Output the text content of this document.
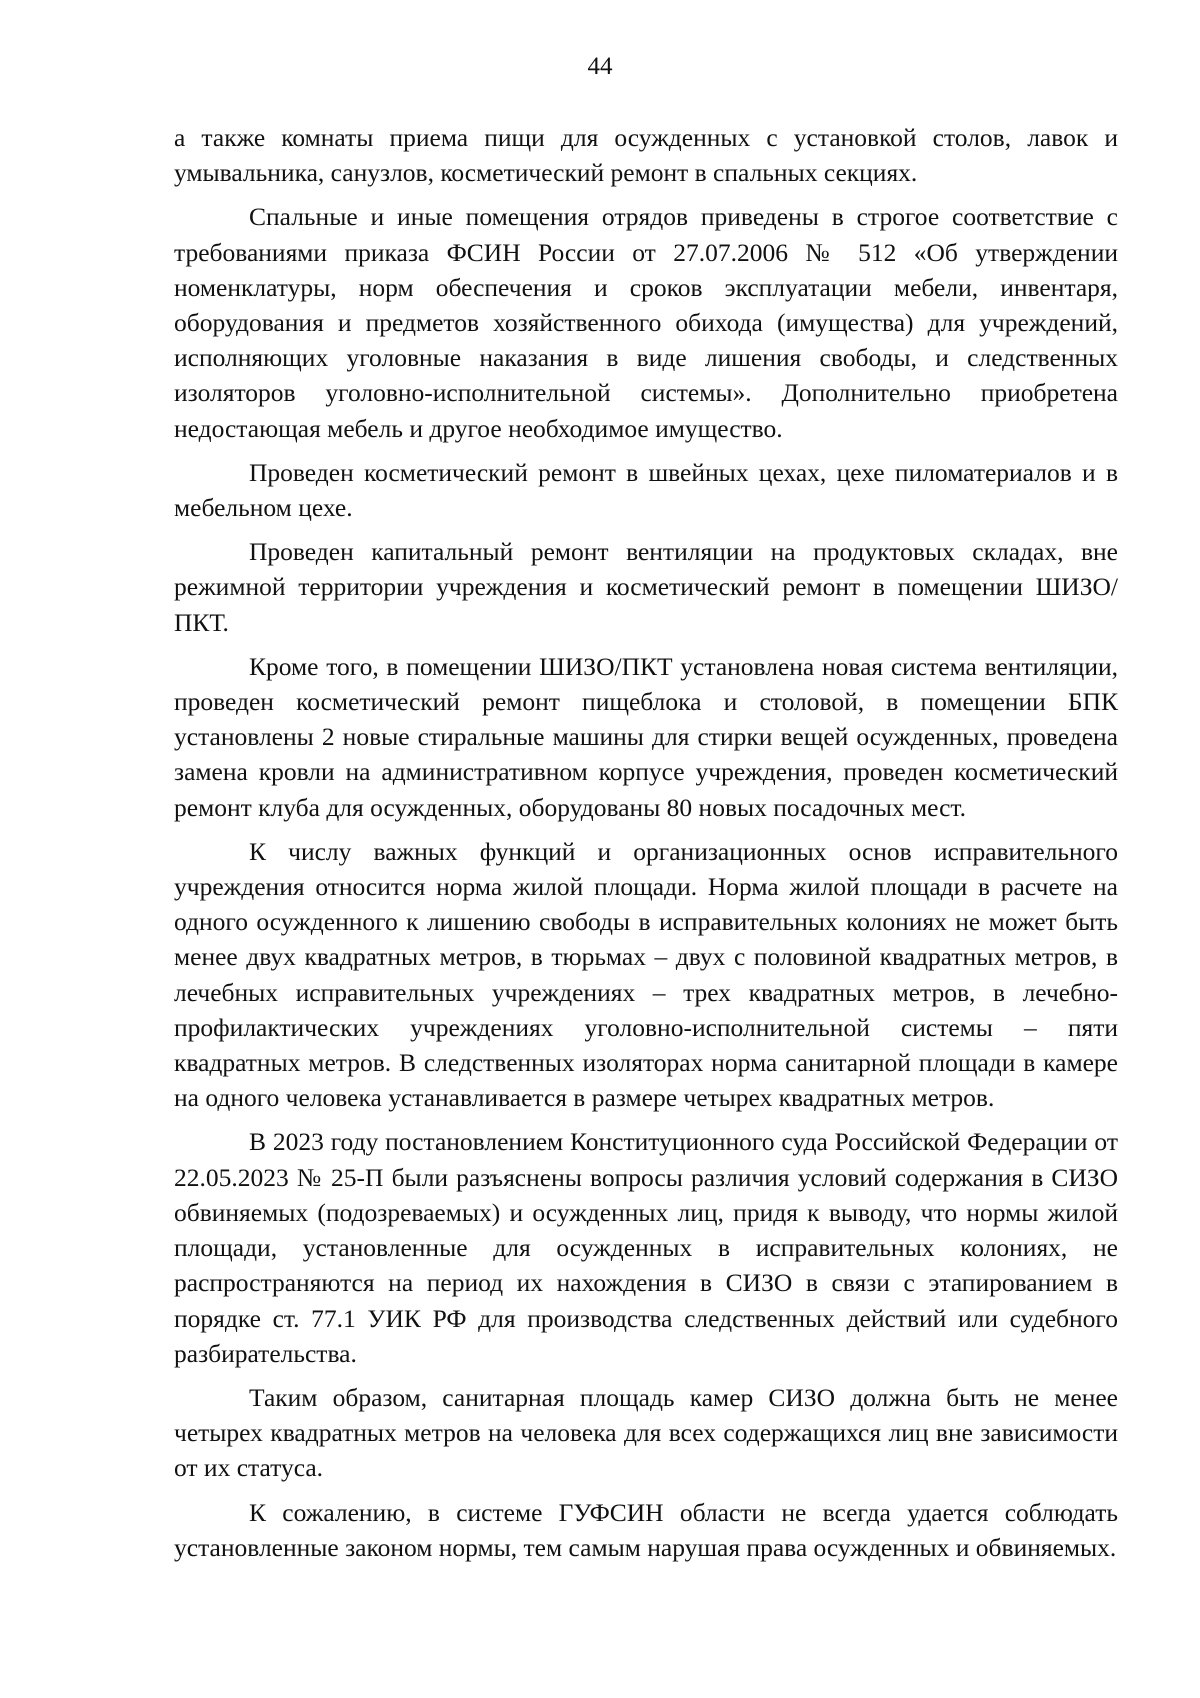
44

а также комнаты приема пищи для осужденных с установкой столов, лавок и умывальника, санузлов, косметический ремонт в спальных секциях.

Спальные и иные помещения отрядов приведены в строгое соответствие с требованиями приказа ФСИН России от 27.07.2006 № 512 «Об утверждении номенклатуры, норм обеспечения и сроков эксплуатации мебели, инвентаря, оборудования и предметов хозяйственного обихода (имущества) для учреждений, исполняющих уголовные наказания в виде лишения свободы, и следственных изоляторов уголовно-исполнительной системы». Дополнительно приобретена недостающая мебель и другое необходимое имущество.

Проведен косметический ремонт в швейных цехах, цехе пиломатериалов и в мебельном цехе.

Проведен капитальный ремонт вентиляции на продуктовых складах, вне режимной территории учреждения и косметический ремонт в помещении ШИЗО/ПКТ.

Кроме того, в помещении ШИЗО/ПКТ установлена новая система вентиляции, проведен косметический ремонт пищеблока и столовой, в помещении БПК установлены 2 новые стиральные машины для стирки вещей осужденных, проведена замена кровли на административном корпусе учреждения, проведен косметический ремонт клуба для осужденных, оборудованы 80 новых посадочных мест.

К числу важных функций и организационных основ исправительного учреждения относится норма жилой площади. Норма жилой площади в расчете на одного осужденного к лишению свободы в исправительных колониях не может быть менее двух квадратных метров, в тюрьмах – двух с половиной квадратных метров, в лечебных исправительных учреждениях – трех квадратных метров, в лечебно-профилактических учреждениях уголовно-исполнительной системы – пяти квадратных метров. В следственных изоляторах норма санитарной площади в камере на одного человека устанавливается в размере четырех квадратных метров.

В 2023 году постановлением Конституционного суда Российской Федерации от 22.05.2023 № 25-П были разъяснены вопросы различия условий содержания в СИЗО обвиняемых (подозреваемых) и осужденных лиц, придя к выводу, что нормы жилой площади, установленные для осужденных в исправительных колониях, не распространяются на период их нахождения в СИЗО в связи с этапированием в порядке ст. 77.1 УИК РФ для производства следственных действий или судебного разбирательства.

Таким образом, санитарная площадь камер СИЗО должна быть не менее четырех квадратных метров на человека для всех содержащихся лиц вне зависимости от их статуса.

К сожалению, в системе ГУФСИН области не всегда удается соблюдать установленные законом нормы, тем самым нарушая права осужденных и обвиняемых.
